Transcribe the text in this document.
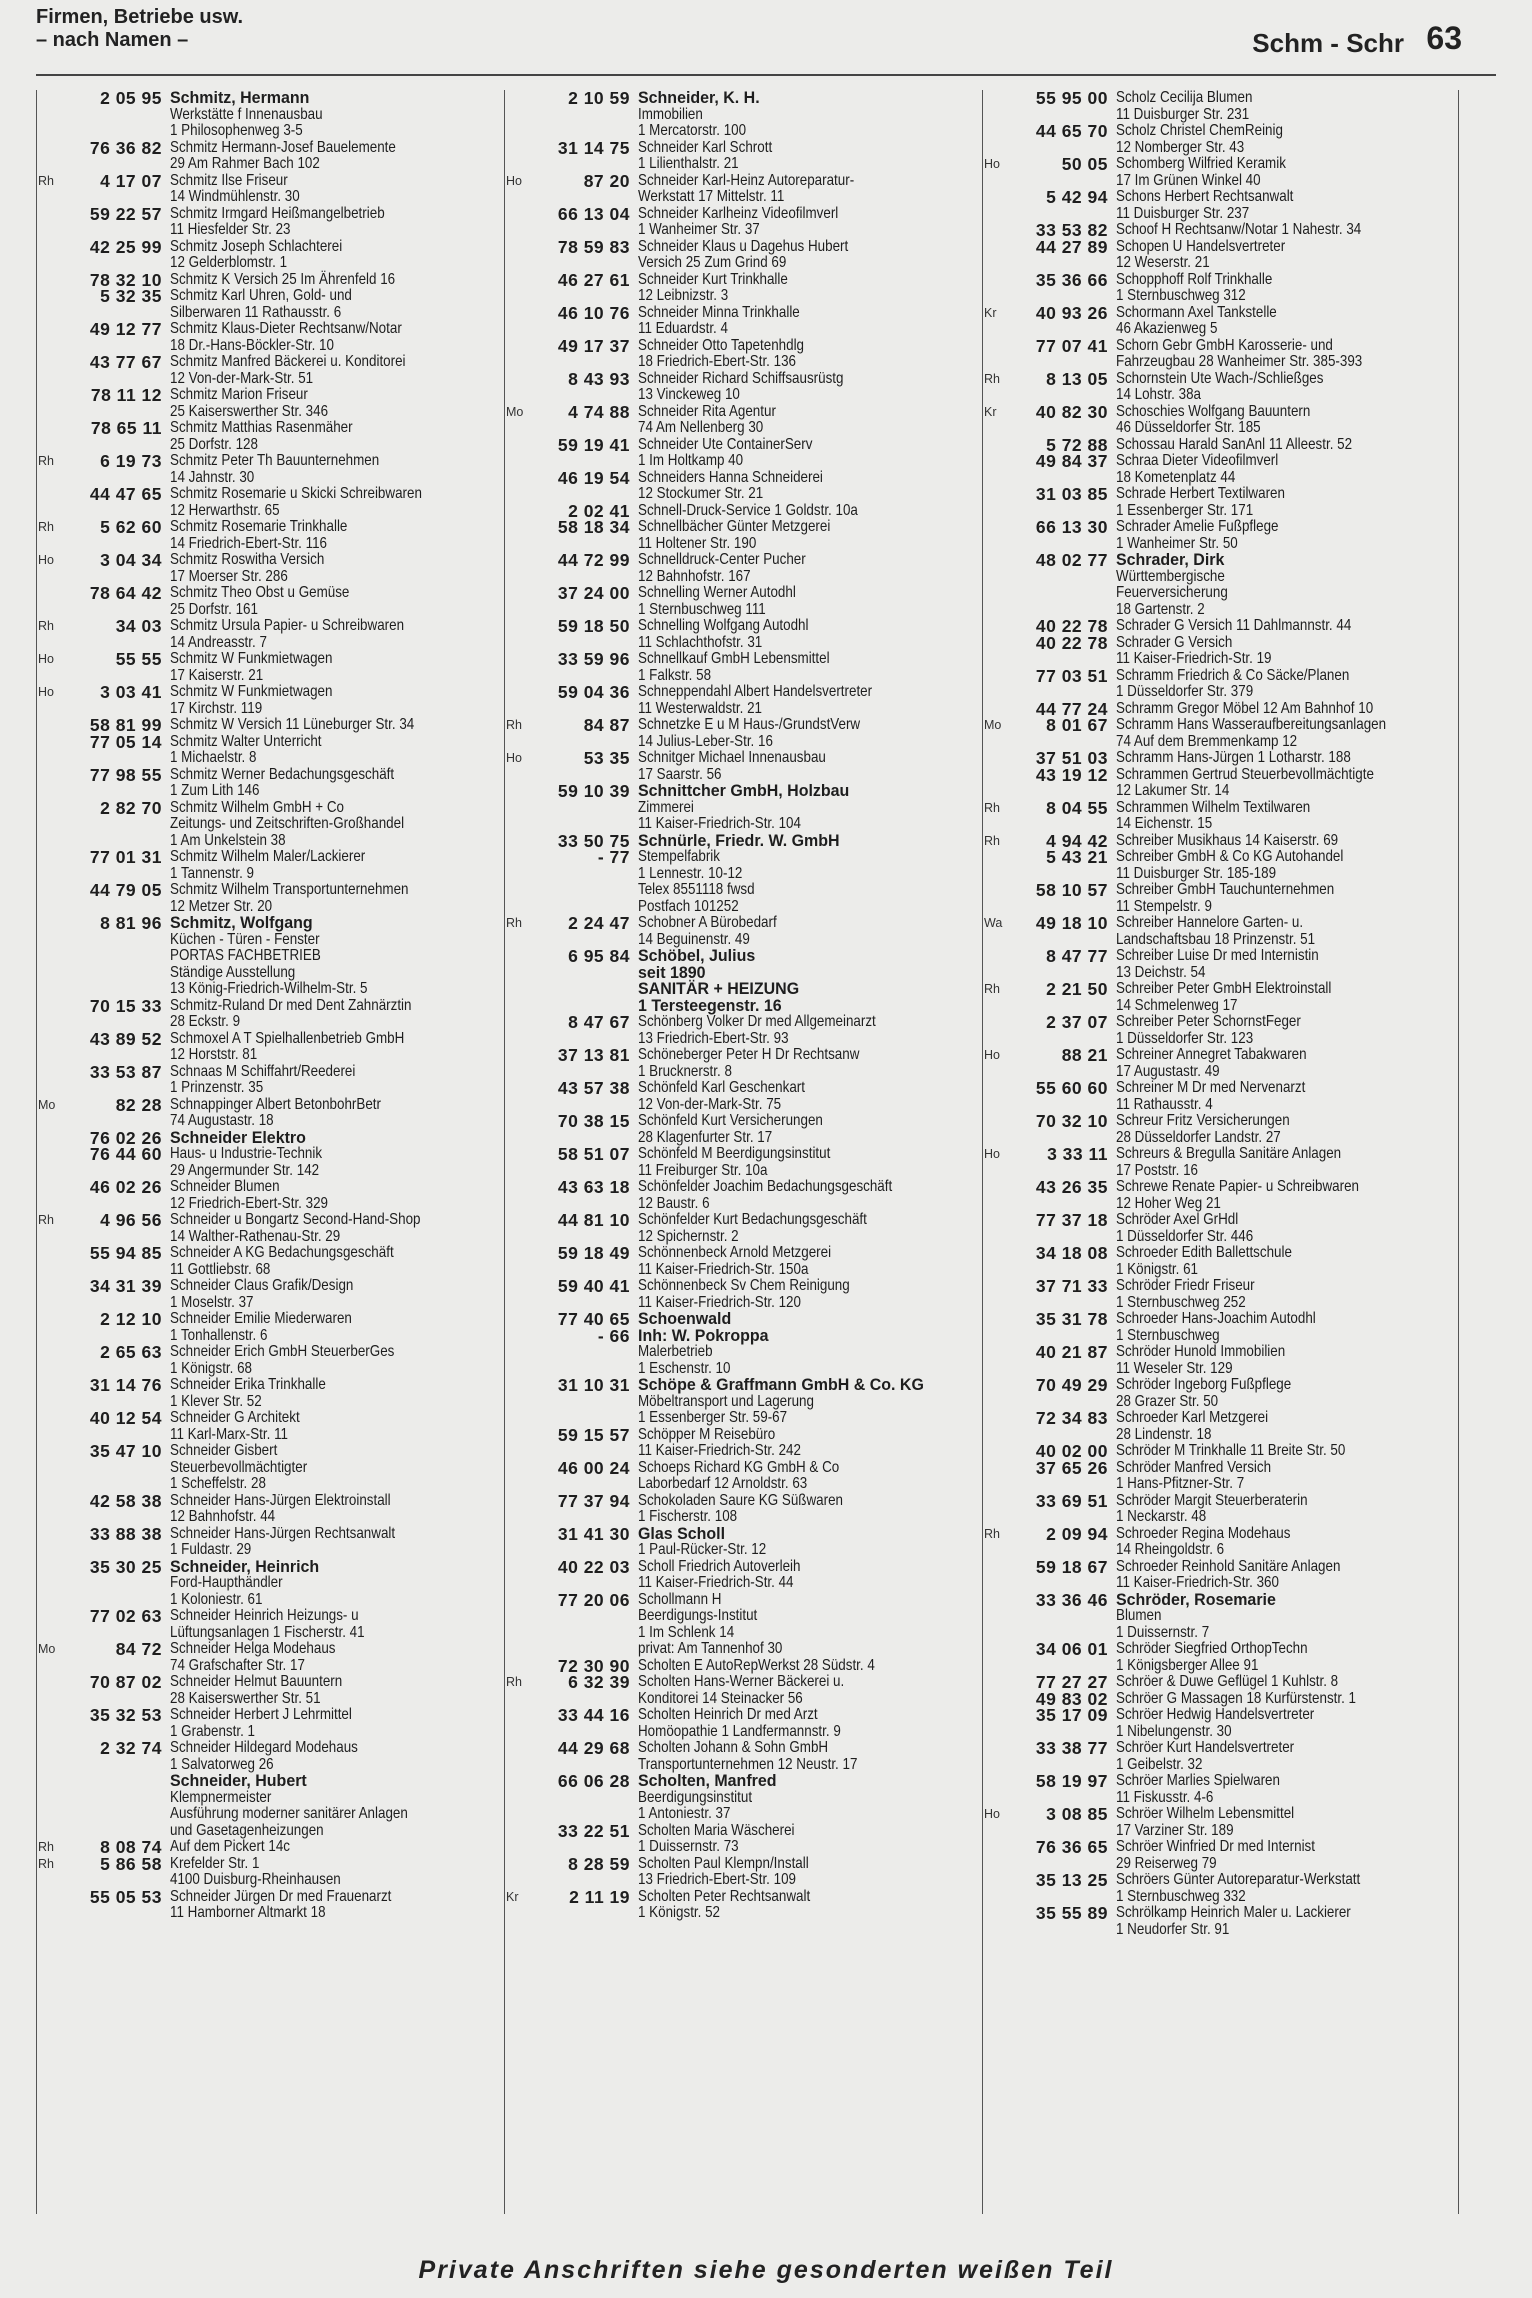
Firmen, Betriebe usw.
– nach Namen –	Schm - Schr 63
2 05 95 Schmitz, Hermann
Werkstätte f Innenausbau
1 Philosophenweg 3-5
76 36 82 Schmitz Hermann-Josef Bauelemente
29 Am Rahmer Bach 102
Rh	4 17 07 Schmitz Ilse Friseur
14 Windmühlenstr. 30
59 22 57 Schmitz Irmgard Heißmangelbetrieb
11 Hiesfelder Str. 23
42 25 99 Schmitz Joseph Schlachterei
12 Gelderblomstr. 1
78 32 10 Schmitz K Versich 25 Im Ährenfeld 16
5 32 35 Schmitz Karl Uhren, Gold- und
Silberwaren 11 Rathausstr. 6
49 12 77 Schmitz Klaus-Dieter Rechtsanw/Notar
18 Dr.-Hans-Böckler-Str. 10
43 77 67 Schmitz Manfred Bäckerei u. Konditorei
12 Von-der-Mark-Str. 51
78 11 12 Schmitz Marion Friseur
25 Kaiserswerther Str. 346
78 65 11 Schmitz Matthias Rasenmäher
25 Dorfstr. 128
Rh	6 19 73 Schmitz Peter Th Bauunternehmen
14 Jahnstr. 30
44 47 65 Schmitz Rosemarie u Skicki Schreibwaren
12 Herwarthstr. 65
Rh	5 62 60 Schmitz Rosemarie Trinkhalle
14 Friedrich-Ebert-Str. 116
Ho	3 04 34 Schmitz Roswitha Versich
17 Moerser Str. 286
78 64 42 Schmitz Theo Obst u Gemüse
25 Dorfstr. 161
Rh	34 03 Schmitz Ursula Papier- u Schreibwaren
14 Andreasstr. 7
Ho	55 55 Schmitz W Funkmietwagen
17 Kaiserstr. 21
Ho	3 03 41 Schmitz W Funkmietwagen
17 Kirchstr. 119
58 81 99 Schmitz W Versich 11 Lüneburger Str. 34
77 05 14 Schmitz Walter Unterricht
1 Michaelstr. 8
77 98 55 Schmitz Werner Bedachungsgeschäft
1 Zum Lith 146
2 82 70 Schmitz Wilhelm GmbH + Co
Zeitungs- und Zeitschriften-Großhandel
1 Am Unkelstein 38
77 01 31 Schmitz Wilhelm Maler/Lackierer
1 Tannenstr. 9
44 79 05 Schmitz Wilhelm Transportunternehmen
12 Metzer Str. 20
8 81 96 Schmitz, Wolfgang
Küchen - Türen - Fenster
PORTAS FACHBETRIEB
Ständige Ausstellung
13 König-Friedrich-Wilhelm-Str. 5
70 15 33 Schmitz-Ruland Dr med Dent Zahnärztin
28 Eckstr. 9
43 89 52 Schmoxel A T Spielhallenbetrieb GmbH
12 Horststr. 81
33 53 87 Schnaas M Schiffahrt/Reederei
1 Prinzenstr. 35
Mo	82 28 Schnappinger Albert BetonbohrBetr
74 Augustastr. 18
76 02 26 Schneider Elektro
76 44 60 Haus- u Industrie-Technik
29 Angermunder Str. 142
46 02 26 Schneider Blumen
12 Friedrich-Ebert-Str. 329
Rh	4 96 56 Schneider u Bongartz Second-Hand-Shop
14 Walther-Rathenau-Str. 29
55 94 85 Schneider A KG Bedachungsgeschäft
11 Gottliebstr. 68
34 31 39 Schneider Claus Grafik/Design
1 Moselstr. 37
2 12 10 Schneider Emilie Miederwaren
1 Tonhallenstr. 6
2 65 63 Schneider Erich GmbH SteuerberGes
1 Königstr. 68
31 14 76 Schneider Erika Trinkhalle
1 Klever Str. 52
40 12 54 Schneider G Architekt
11 Karl-Marx-Str. 11
35 47 10 Schneider Gisbert
Steuerbevollmächtigter
1 Scheffelstr. 28
42 58 38 Schneider Hans-Jürgen Elektroinstall
12 Bahnhofstr. 44
33 88 38 Schneider Hans-Jürgen Rechtsanwalt
1 Fuldastr. 29
35 30 25 Schneider, Heinrich
Ford-Haupthändler
1 Koloniestr. 61
77 02 63 Schneider Heinrich Heizungs- u
Lüftungsanlagen 1 Fischerstr. 41
Mo	84 72 Schneider Helga Modehaus
74 Grafschafter Str. 17
70 87 02 Schneider Helmut Bauuntern
28 Kaiserswerther Str. 51
35 32 53 Schneider Herbert J Lehrmittel
1 Grabenstr. 1
2 32 74 Schneider Hildegard Modehaus
1 Salvatorweg 26
Schneider, Hubert
Klempnermeister
Ausführung moderner sanitärer Anlagen
und Gasetagenheizungen
Rh	8 08 74 Auf dem Pickert 14c
Rh	5 86 58 Krefelder Str. 1
4100 Duisburg-Rheinhausen
55 05 53 Schneider Jürgen Dr med Frauenarzt
11 Hamborner Altmarkt 18
2 10 59 Schneider, K. H.
Immobilien
1 Mercatorstr. 100
31 14 75 Schneider Karl Schrott
1 Lilienthalstr. 21
Ho	87 20 Schneider Karl-Heinz Autoreparatur-
Werkstatt 17 Mittelstr. 11
66 13 04 Schneider Karlheinz Videofilmverl
1 Wanheimer Str. 37
78 59 83 Schneider Klaus u Dagehus Hubert
Versich 25 Zum Grind 69
46 27 61 Schneider Kurt Trinkhalle
12 Leibnizstr. 3
46 10 76 Schneider Minna Trinkhalle
11 Eduardstr. 4
49 17 37 Schneider Otto Tapetenhdlg
18 Friedrich-Ebert-Str. 136
8 43 93 Schneider Richard Schiffsausrüstg
13 Vinckeweg 10
Mo	4 74 88 Schneider Rita Agentur
74 Am Nellenberg 30
59 19 41 Schneider Ute ContainerServ
1 Im Holtkamp 40
46 19 54 Schneiders Hanna Schneiderei
12 Stockumer Str. 21
2 02 41 Schnell-Druck-Service 1 Goldstr. 10a
58 18 34 Schnellbächer Günter Metzgerei
11 Holtener Str. 190
44 72 99 Schnelldruck-Center Pucher
12 Bahnhofstr. 167
37 24 00 Schnelling Werner Autodhl
1 Sternbuschweg 111
59 18 50 Schnelling Wolfgang Autodhl
11 Schlachthofstr. 31
33 59 96 Schnellkauf GmbH Lebensmittel
1 Falkstr. 58
59 04 36 Schneppendahl Albert Handelsvertreter
11 Westerwaldstr. 21
Rh	84 87 Schnetzke E u M Haus-/GrundstVerw
14 Julius-Leber-Str. 16
Ho	53 35 Schnitger Michael Innenausbau
17 Saarstr. 56
59 10 39 Schnittcher GmbH, Holzbau
Zimmerei
11 Kaiser-Friedrich-Str. 104
33 50 75 Schnürle, Friedr. W. GmbH
- 77 Stempelfabrik
1 Lennestr. 10-12
Telex 8551118 fwsd
Postfach 101252
Rh	2 24 47 Schobner A Bürobedarf
14 Beguinenstr. 49
6 95 84 Schöbel, Julius
seit 1890
SANITÄR + HEIZUNG
1 Tersteegenstr. 16
8 47 67 Schönberg Volker Dr med Allgemeinarzt
13 Friedrich-Ebert-Str. 93
37 13 81 Schöneberger Peter H Dr Rechtsanw
1 Brucknerstr. 8
43 57 38 Schönfeld Karl Geschenkart
12 Von-der-Mark-Str. 75
70 38 15 Schönfeld Kurt Versicherungen
28 Klagenfurter Str. 17
58 51 07 Schönfeld M Beerdigungsinstitut
11 Freiburger Str. 10a
43 63 18 Schönfelder Joachim Bedachungsgeschäft
12 Baustr. 6
44 81 10 Schönfelder Kurt Bedachungsgeschäft
12 Spichernstr. 2
59 18 49 Schönnenbeck Arnold Metzgerei
11 Kaiser-Friedrich-Str. 150a
59 40 41 Schönnenbeck Sv Chem Reinigung
11 Kaiser-Friedrich-Str. 120
77 40 65 Schoenwald
- 66 Inh: W. Pokroppa
Malerbetrieb
1 Eschenstr. 10
31 10 31 Schöpe & Graffmann GmbH & Co. KG
Möbeltransport und Lagerung
1 Essenberger Str. 59-67
59 15 57 Schöpper M Reisebüro
11 Kaiser-Friedrich-Str. 242
46 00 24 Schoeps Richard KG GmbH & Co
Laborbedarf 12 Arnoldstr. 63
77 37 94 Schokoladen Saure KG Süßwaren
1 Fischerstr. 108
31 41 30 Glas Scholl
1 Paul-Rücker-Str. 12
40 22 03 Scholl Friedrich Autoverleih
11 Kaiser-Friedrich-Str. 44
77 20 06 Schollmann H
Beerdigungs-Institut
1 Im Schlenk 14
privat: Am Tannenhof 30
72 30 90 Scholten E AutoRepWerkst 28 Südstr. 4
Rh	6 32 39 Scholten Hans-Werner Bäckerei u.
Konditorei 14 Steinacker 56
33 44 16 Scholten Heinrich Dr med Arzt
Homöopathie 1 Landfermannstr. 9
44 29 68 Scholten Johann & Sohn GmbH
Transportunternehmen 12 Neustr. 17
66 06 28 Scholten, Manfred
Beerdigungsinstitut
1 Antoniestr. 37
33 22 51 Scholten Maria Wäscherei
1 Duissernstr. 73
8 28 59 Scholten Paul Klempn/Install
13 Friedrich-Ebert-Str. 109
Kr	2 11 19 Scholten Peter Rechtsanwalt
1 Königstr. 52
55 95 00 Scholz Cecilija Blumen
11 Duisburger Str. 231
44 65 70 Scholz Christel ChemReinig
12 Nomberger Str. 43
Ho	50 05 Schomberg Wilfried Keramik
17 Im Grünen Winkel 40
5 42 94 Schons Herbert Rechtsanwalt
11 Duisburger Str. 237
33 53 82 Schoof H Rechtsanw/Notar 1 Nahestr. 34
44 27 89 Schopen U Handelsvertreter
12 Weserstr. 21
35 36 66 Schopphoff Rolf Trinkhalle
1 Sternbuschweg 312
Kr	40 93 26 Schormann Axel Tankstelle
46 Akazienweg 5
77 07 41 Schorn Gebr GmbH Karosserie- und
Fahrzeugbau 28 Wanheimer Str. 385-393
Rh	8 13 05 Schornstein Ute Wach-/Schließges
14 Lohstr. 38a
Kr	40 82 30 Schoschies Wolfgang Bauuntern
46 Düsseldorfer Str. 185
5 72 88 Schossau Harald SanAnl 11 Alleestr. 52
49 84 37 Schraa Dieter Videofilmverl
18 Kometenplatz 44
31 03 85 Schrade Herbert Textilwaren
1 Essenberger Str. 171
66 13 30 Schrader Amelie Fußpflege
1 Wanheimer Str. 50
48 02 77 Schrader, Dirk
Württembergische
Feuerversicherung
18 Gartenstr. 2
40 22 78 Schrader G Versich 11 Dahlmannstr. 44
40 22 78 Schrader G Versich
11 Kaiser-Friedrich-Str. 19
77 03 51 Schramm Friedrich & Co Säcke/Planen
1 Düsseldorfer Str. 379
44 77 24 Schramm Gregor Möbel 12 Am Bahnhof 10
Mo	8 01 67 Schramm Hans Wasseraufbereitungsanlagen
74 Auf dem Bremmenkamp 12
37 51 03 Schramm Hans-Jürgen 1 Lotharstr. 188
43 19 12 Schrammen Gertrud Steuerbevollmächtigte
12 Lakumer Str. 14
Rh	8 04 55 Schrammen Wilhelm Textilwaren
14 Eichenstr. 15
Rh	4 94 42 Schreiber Musikhaus 14 Kaiserstr. 69
5 43 21 Schreiber GmbH & Co KG Autohandel
11 Duisburger Str. 185-189
58 10 57 Schreiber GmbH Tauchunternehmen
11 Stempelstr. 9
Wa	49 18 10 Schreiber Hannelore Garten- u.
Landschaftsbau 18 Prinzenstr. 51
8 47 77 Schreiber Luise Dr med Internistin
13 Deichstr. 54
Rh	2 21 50 Schreiber Peter GmbH Elektroinstall
14 Schmelenweg 17
2 37 07 Schreiber Peter SchornstFeger
1 Düsseldorfer Str. 123
Ho	88 21 Schreiner Annegret Tabakwaren
17 Augustastr. 49
55 60 60 Schreiner M Dr med Nervenarzt
11 Rathausstr. 4
70 32 10 Schreur Fritz Versicherungen
28 Düsseldorfer Landstr. 27
Ho	3 33 11 Schreurs & Bregulla Sanitäre Anlagen
17 Poststr. 16
43 26 35 Schrewe Renate Papier- u Schreibwaren
12 Hoher Weg 21
77 37 18 Schröder Axel GrHdl
1 Düsseldorfer Str. 446
34 18 08 Schroeder Edith Ballettschule
1 Königstr. 61
37 71 33 Schröder Friedr Friseur
1 Sternbuschweg 252
35 31 78 Schroeder Hans-Joachim Autodhl
1 Sternbuschweg
40 21 87 Schröder Hunold Immobilien
11 Weseler Str. 129
70 49 29 Schröder Ingeborg Fußpflege
28 Grazer Str. 50
72 34 83 Schroeder Karl Metzgerei
28 Lindenstr. 18
40 02 00 Schröder M Trinkhalle 11 Breite Str. 50
37 65 26 Schröder Manfred Versich
1 Hans-Pfitzner-Str. 7
33 69 51 Schröder Margit Steuerberaterin
1 Neckarstr. 48
Rh	2 09 94 Schroeder Regina Modehaus
14 Rheingoldstr. 6
59 18 67 Schroeder Reinhold Sanitäre Anlagen
11 Kaiser-Friedrich-Str. 360
33 36 46 Schröder, Rosemarie
Blumen
1 Duissernstr. 7
34 06 01 Schröder Siegfried OrthopTechn
1 Königsberger Allee 91
77 27 27 Schröer & Duwe Geflügel 1 Kuhlstr. 8
49 83 02 Schröer G Massagen 18 Kurfürstenstr. 1
35 17 09 Schröer Hedwig Handelsvertreter
1 Nibelungenstr. 30
33 38 77 Schröer Kurt Handelsvertreter
1 Geibelstr. 32
58 19 97 Schröer Marlies Spielwaren
11 Fiskusstr. 4-6
Ho	3 08 85 Schröer Wilhelm Lebensmittel
17 Varziner Str. 189
76 36 65 Schröer Winfried Dr med Internist
29 Reiserweg 79
35 13 25 Schröers Günter Autoreparatur-Werkstatt
1 Sternbuschweg 332
35 55 89 Schrölkamp Heinrich Maler u. Lackierer
1 Neudorfer Str. 91
Private Anschriften siehe gesonderten weißen Teil
